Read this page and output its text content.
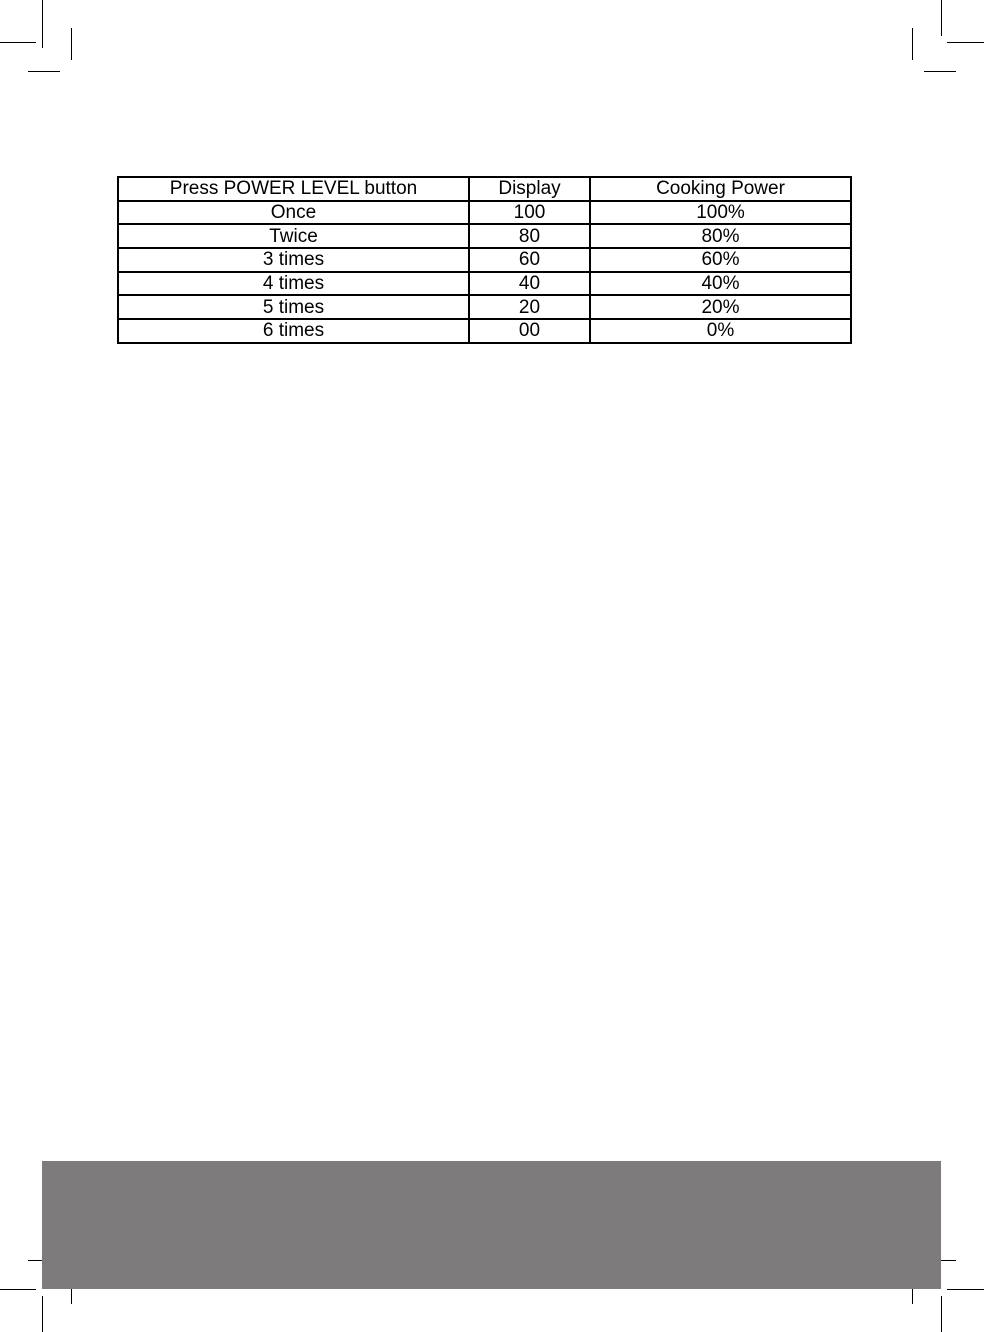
Press POWER LEVEL button	Display	Cooking Power
Once	100	100%
Twice	80	80%
3 times	60	60%
4 times	40	40%
5 times	20	20%
6 times	00	0%
